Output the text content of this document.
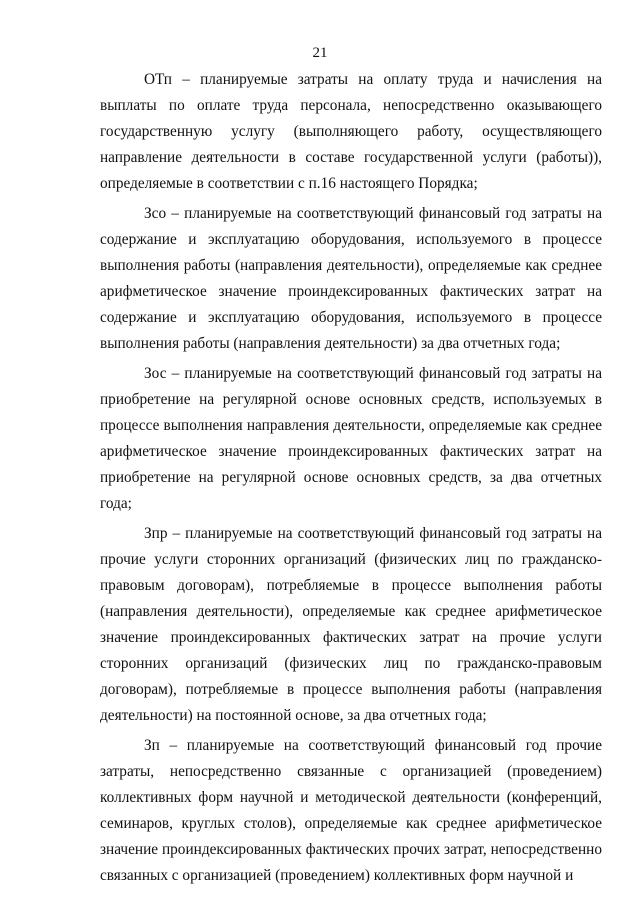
21

ОТп – планируемые затраты на оплату труда и начисления на выплаты по оплате труда персонала, непосредственно оказывающего государственную услугу (выполняющего работу, осуществляющего направление деятельности в составе государственной услуги (работы)), определяемые в соответствии с п.16 настоящего Порядка;

Зсо – планируемые на соответствующий финансовый год затраты на содержание и эксплуатацию оборудования, используемого в процессе выполнения работы (направления деятельности), определяемые как среднее арифметическое значение проиндексированных фактических затрат на содержание и эксплуатацию оборудования, используемого в процессе выполнения работы (направления деятельности) за два отчетных года;

Зос – планируемые на соответствующий финансовый год затраты на приобретение на регулярной основе основных средств, используемых в процессе выполнения направления деятельности, определяемые как среднее арифметическое значение проиндексированных фактических затрат на приобретение на регулярной основе основных средств, за два отчетных года;

Зпр – планируемые на соответствующий финансовый год затраты на прочие услуги сторонних организаций (физических лиц по гражданско-правовым договорам), потребляемые в процессе выполнения работы (направления деятельности), определяемые как среднее арифметическое значение проиндексированных фактических затрат на прочие услуги сторонних организаций (физических лиц по гражданско-правовым договорам), потребляемые в процессе выполнения работы (направления деятельности) на постоянной основе, за два отчетных года;

Зп – планируемые на соответствующий финансовый год прочие затраты, непосредственно связанные с организацией (проведением) коллективных форм научной и методической деятельности (конференций, семинаров, круглых столов), определяемые как среднее арифметическое значение проиндексированных фактических прочих затрат, непосредственно связанных с организацией (проведением) коллективных форм научной и
